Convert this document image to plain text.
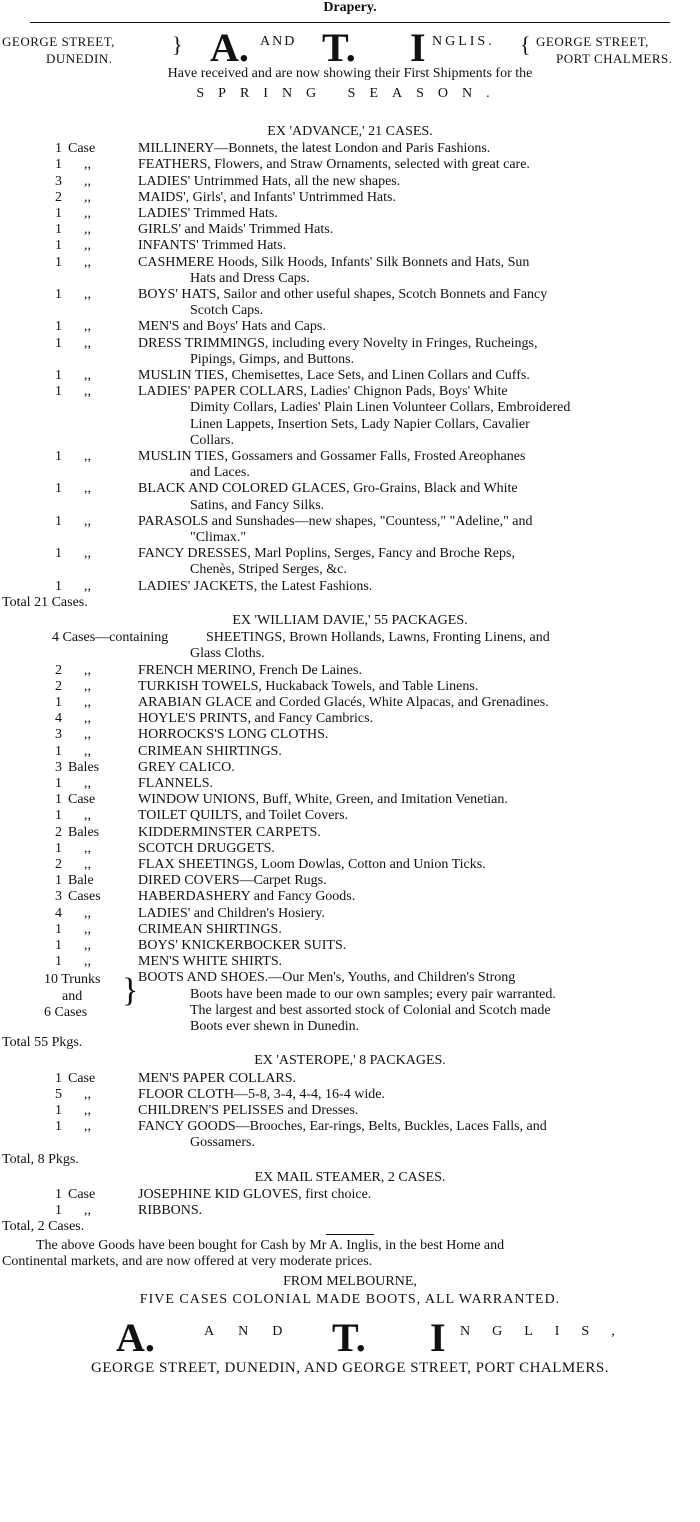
Drapery.
GEORGE STREET,
DUNEDIN.
} A. AND T. I NGLIS. { GEORGE STREET,
PORT CHALMERS.
Have received and are now showing their First Shipments for the
SPRING SEASON.
EX 'ADVANCE,' 21 CASES.
1 Case	MILLINERY—Bonnets, the latest London and Paris Fashions.
1 ,,	FEATHERS, Flowers, and Straw Ornaments, selected with great care.
3 ,,	LADIES' Untrimmed Hats, all the new shapes.
2 ,,	MAIDS', Girls', and Infants' Untrimmed Hats.
1 ,,	LADIES' Trimmed Hats.
1 ,,	GIRLS' and Maids' Trimmed Hats.
1 ,,	INFANTS' Trimmed Hats.
1 ,,	CASHMERE Hoods, Silk Hoods, Infants' Silk Bonnets and Hats, Sun
Hats and Dress Caps.
1 ,,	BOYS' HATS, Sailor and other useful shapes, Scotch Bonnets and Fancy
Scotch Caps.
1 ,,	MEN'S and Boys' Hats and Caps.
1 ,,	DRESS TRIMMINGS, including every Novelty in Fringes, Rucheings,
Pipings, Gimps, and Buttons.
1 ,,	MUSLIN TIES, Chemisettes, Lace Sets, and Linen Collars and Cuffs.
1 ,,	LADIES' PAPER COLLARS, Ladies' Chignon Pads, Boys' White
Dimity Collars, Ladies' Plain Linen Volunteer Collars, Embroidered
Linen Lappets, Insertion Sets, Lady Napier Collars, Cavalier
Collars.
1 ,,	MUSLIN TIES, Gossamers and Gossamer Falls, Frosted Areophanes
and Laces.
1 ,,	BLACK AND COLORED GLACES, Gro-Grains, Black and White
Satins, and Fancy Silks.
1 ,,	PARASOLS and Sunshades—new shapes, "Countess," "Adeline," and
"Climax."
1 ,,	FANCY DRESSES, Marl Poplins, Serges, Fancy and Broche Reps,
Chenès, Striped Serges, &c.
1 ,,	LADIES' JACKETS, the Latest Fashions.
Total 21 Cases.
EX 'WILLIAM DAVIE,' 55 PACKAGES.
4 Cases—containing	SHEETINGS, Brown Hollands, Lawns, Fronting Linens, and
Glass Cloths.
2 ,,	FRENCH MERINO, French De Laines.
2 ,,	TURKISH TOWELS, Huckaback Towels, and Table Linens.
1 ,,	ARABIAN GLACE and Corded Glacés, White Alpacas, and Grenadines.
4 ,,	HOYLE'S PRINTS, and Fancy Cambrics.
3 ,,	HORROCKS'S LONG CLOTHS.
1 ,,	CRIMEAN SHIRTINGS.
3 Bales	GREY CALICO.
1 ,,	FLANNELS.
1 Case	WINDOW UNIONS, Buff, White, Green, and Imitation Venetian.
1 ,,	TOILET QUILTS, and Toilet Covers.
2 Bales	KIDDERMINSTER CARPETS.
1 ,,	SCOTCH DRUGGETS.
2 ,,	FLAX SHEETINGS, Loom Dowlas, Cotton and Union Ticks.
1 Bale	DIRED COVERS—Carpet Rugs.
3 Cases	HABERDASHERY and Fancy Goods.
4 ,,	LADIES' and Children's Hosiery.
1 ,,	CRIMEAN SHIRTINGS.
1 ,,	BOYS' KNICKERBOCKER SUITS.
1 ,,	MEN'S WHITE SHIRTS.
10 Trunks
and
6 Cases
} BOOTS AND SHOES.—Our Men's, Youths, and Children's Strong
Boots have been made to our own samples; every pair warranted.
The largest and best assorted stock of Colonial and Scotch made
Boots ever shewn in Dunedin.
Total 55 Pkgs.
EX 'ASTEROPE,' 8 PACKAGES.
1 Case	MEN'S PAPER COLLARS.
5 ,,	FLOOR CLOTH—5-8, 3-4, 4-4, 16-4 wide.
1 ,,	CHILDREN'S PELISSES and Dresses.
1 ,,	FANCY GOODS—Brooches, Ear-rings, Belts, Buckles, Laces Falls, and
Gossamers.
Total, 8 Pkgs.
EX MAIL STEAMER, 2 CASES.
1 Case	JOSEPHINE KID GLOVES, first choice.
1 ,,	RIBBONS.
Total, 2 Cases.
The above Goods have been bought for Cash by Mr A. Inglis, in the best Home and
Continental markets, and are now offered at very moderate prices.
FROM MELBOURNE,
FIVE CASES COLONIAL MADE BOOTS, ALL WARRANTED.
A.	AND T. I NGLIS,
GEORGE STREET, DUNEDIN, AND GEORGE STREET, PORT CHALMERS.
